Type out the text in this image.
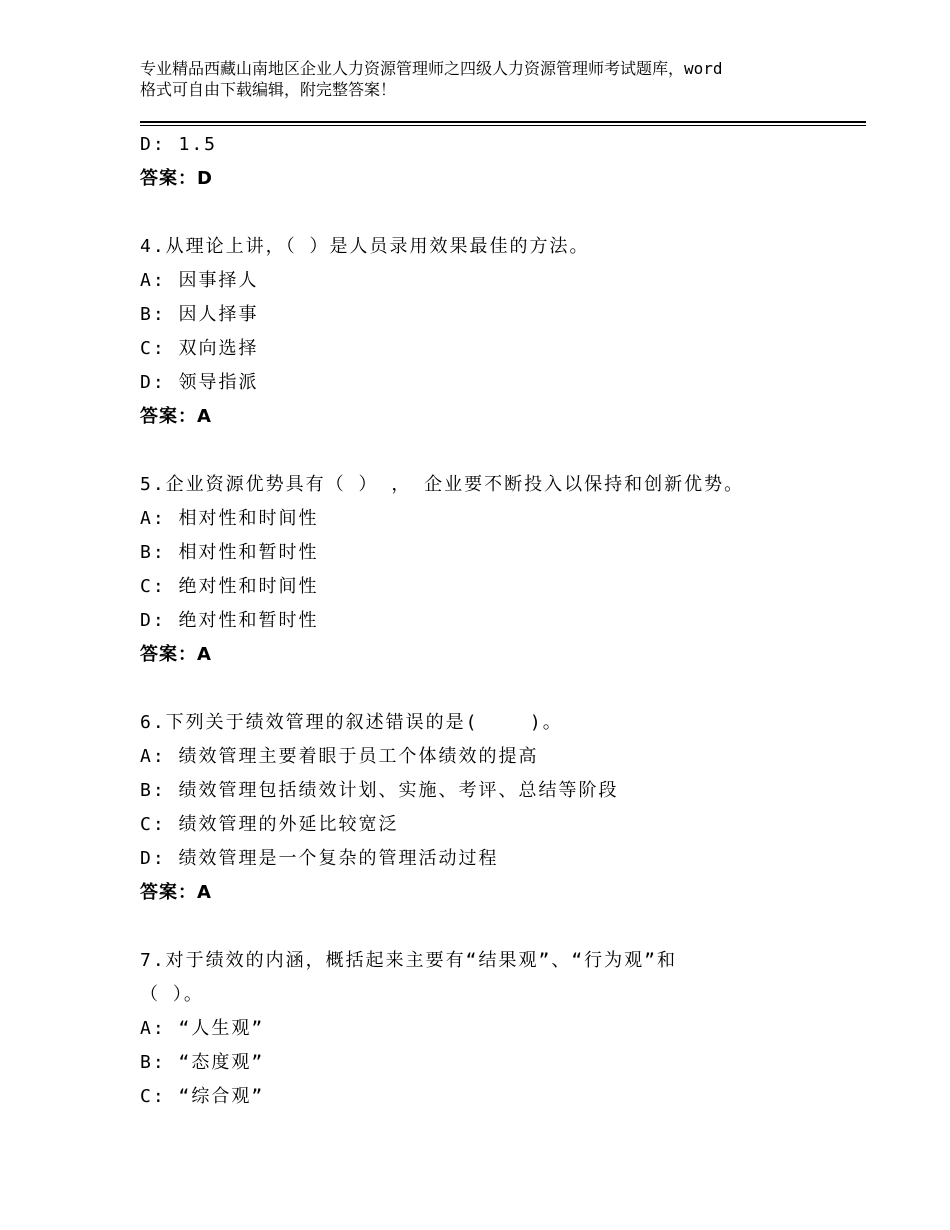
专业精品西藏山南地区企业人力资源管理师之四级人力资源管理师考试题库，word
格式可自由下载编辑，附完整答案！
D: 1.5
答案：D
4.从理论上讲，（ ）是人员录用效果最佳的方法。
A: 因事择人
B: 因人择事
C: 双向选择
D: 领导指派
答案：A
5.企业资源优势具有（ ） ， 企业要不断投入以保持和创新优势。
A: 相对性和时间性
B: 相对性和暂时性
C: 绝对性和时间性
D: 绝对性和暂时性
答案：A
6.下列关于绩效管理的叙述错误的是(    )。
A: 绩效管理主要着眼于员工个体绩效的提高
B: 绩效管理包括绩效计划、实施、考评、总结等阶段
C: 绩效管理的外延比较宽泛
D: 绩效管理是一个复杂的管理活动过程
答案：A
7.对于绩效的内涵，概括起来主要有“结果观”、“行为观”和
（ ）。
A: “人生观”
B: “态度观”
C: “综合观”
